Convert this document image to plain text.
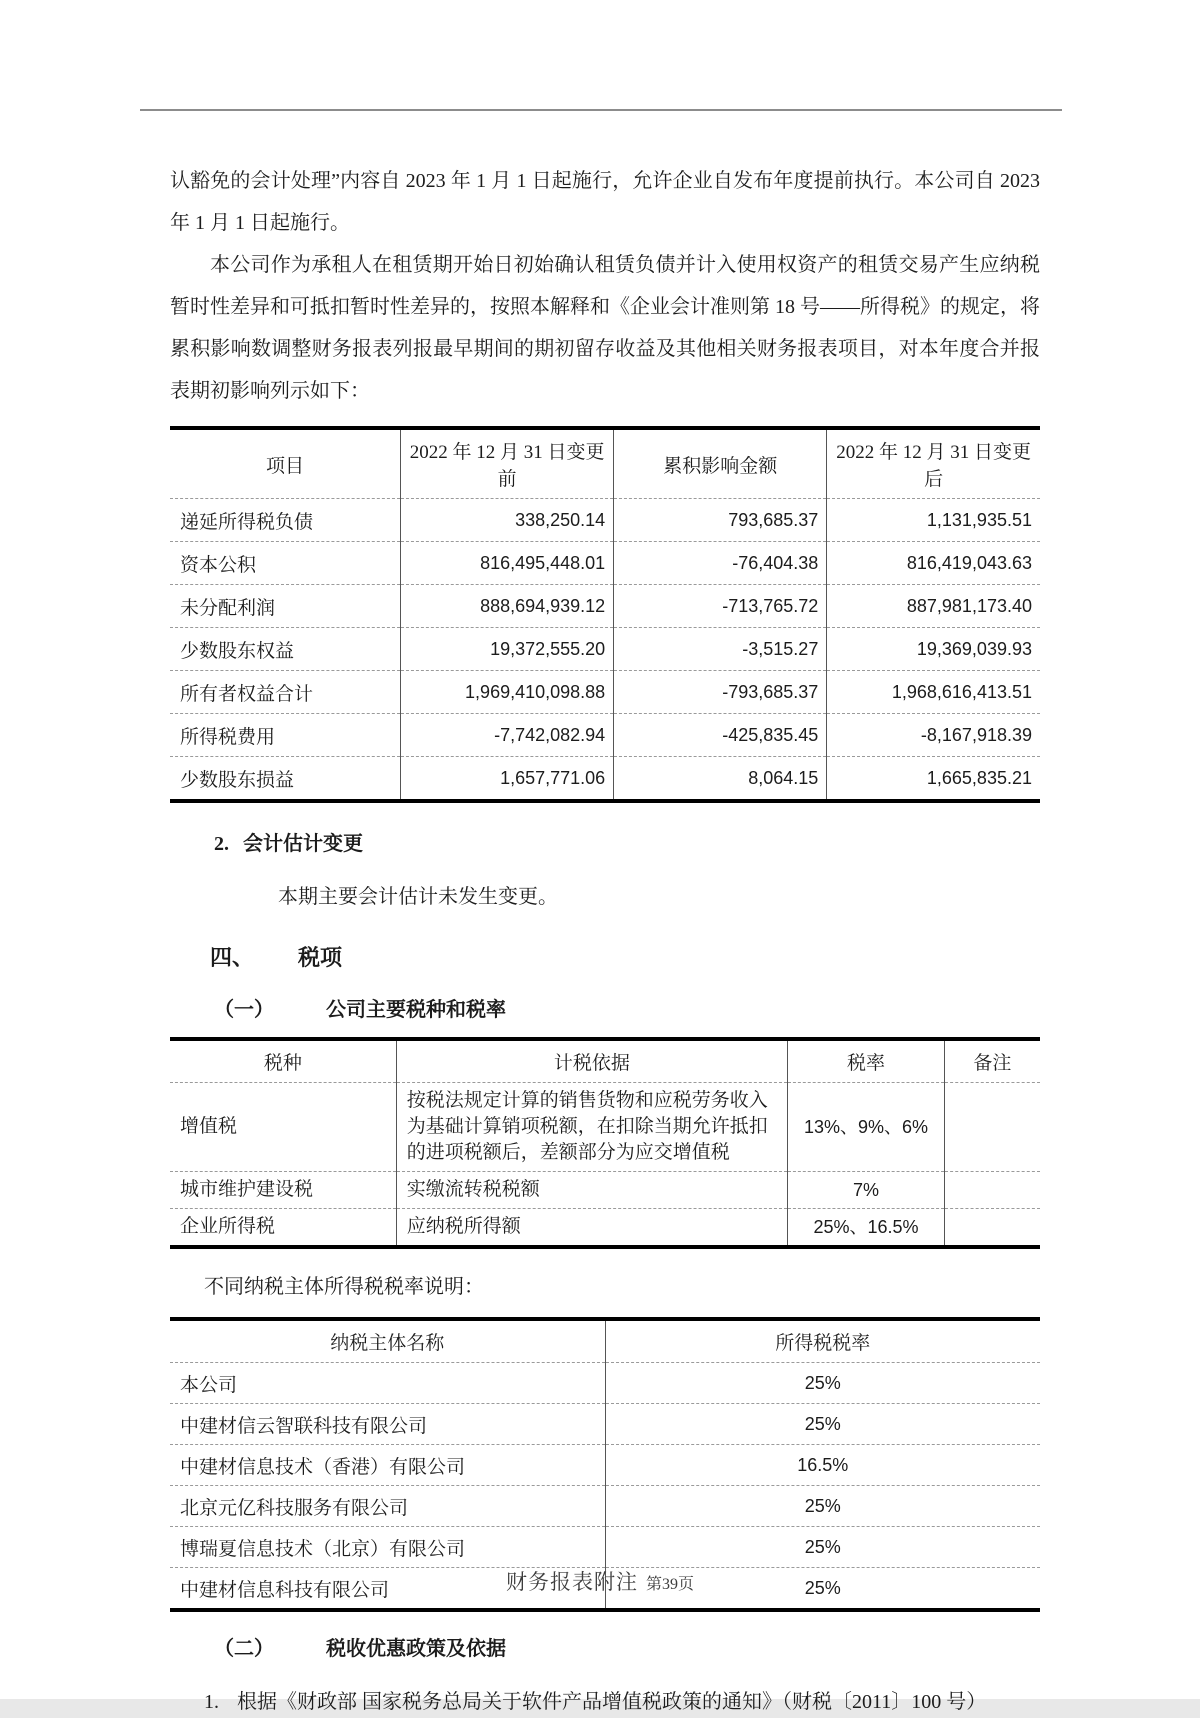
认豁免的会计处理”内容自 2023 年 1 月 1 日起施行，允许企业自发布年度提前执行。本公司自 2023 年 1 月 1 日起施行。

本公司作为承租人在租赁期开始日初始确认租赁负债并计入使用权资产的租赁交易产生应纳税暂时性差异和可抵扣暂时性差异的，按照本解释和《企业会计准则第 18 号——所得税》的规定，将累积影响数调整财务报表列报最早期间的期初留存收益及其他相关财务报表项目，对本年度合并报表期初影响列示如下：

项目	2022 年 12 月 31 日变更前	累积影响金额	2022 年 12 月 31 日变更后
递延所得税负债	338,250.14	793,685.37	1,131,935.51
资本公积	816,495,448.01	-76,404.38	816,419,043.63
未分配利润	888,694,939.12	-713,765.72	887,981,173.40
少数股东权益	19,372,555.20	-3,515.27	19,369,039.93
所有者权益合计	1,969,410,098.88	-793,685.37	1,968,616,413.51
所得税费用	-7,742,082.94	-425,835.45	-8,167,918.39
少数股东损益	1,657,771.06	8,064.15	1,665,835.21
2. 会计估计变更

本期主要会计估计未发生变更。

四、 税项
（一）	公司主要税种和税率
税种	计税依据	税率	备注
增值税	按税法规定计算的销售货物和应税劳务收入为基础计算销项税额，在扣除当期允许抵扣的进项税额后，差额部分为应交增值税	13%、9%、6%	
城市维护建设税	实缴流转税税额	7%	
企业所得税	应纳税所得额	25%、16.5%	

不同纳税主体所得税税率说明：

纳税主体名称	所得税税率
本公司	25%
中建材信云智联科技有限公司	25%
中建材信息技术（香港）有限公司	16.5%
北京元亿科技服务有限公司	25%
博瑞夏信息技术（北京）有限公司	25%
中建材信息科技有限公司	25%
（二）	税收优惠政策及依据

1. 根据《财政部 国家税务总局关于软件产品增值税政策的通知》（财税〔2011〕100 号）

财务报表附注 第39页
